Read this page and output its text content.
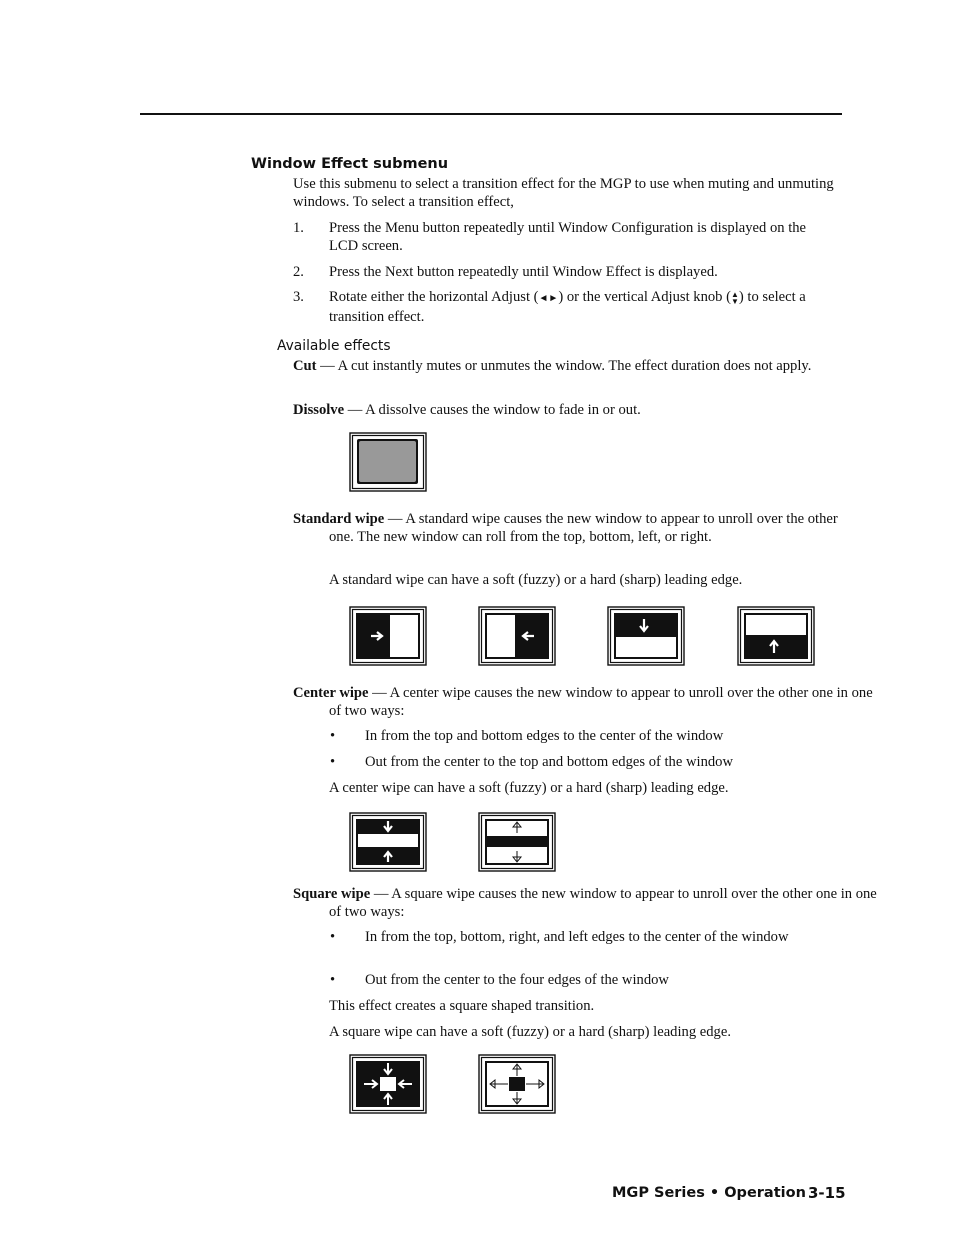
Window Effect submenu

Use this submenu to select a transition effect for the MGP to use when muting and unmuting windows. To select a transition effect,

1. Press the Menu button repeatedly until Window Configuration is displayed on the LCD screen.

2. Press the Next button repeatedly until Window Effect is displayed.

3. Rotate either the horizontal Adjust (◄►) or the vertical Adjust knob (▲
▼) to select a transition effect.

Available effects

Cut — A cut instantly mutes or unmutes the window. The effect duration does not apply.

Dissolve — A dissolve causes the window to fade in or out.

Standard wipe — A standard wipe causes the new window to appear to unroll over the other one. The new window can roll from the top, bottom, left, or right.

A standard wipe can have a soft (fuzzy) or a hard (sharp) leading edge.

Center wipe — A center wipe causes the new window to appear to unroll over the other one in one of two ways:

• In from the top and bottom edges to the center of the window

• Out from the center to the top and bottom edges of the window

A center wipe can have a soft (fuzzy) or a hard (sharp) leading edge.

Square wipe — A square wipe causes the new window to appear to unroll over the other one in one of two ways:

• In from the top, bottom, right, and left edges to the center of the window

• Out from the center to the four edges of the window

This effect creates a square shaped transition.

A square wipe can have a soft (fuzzy) or a hard (sharp) leading edge.

MGP Series • Operation 3-15
